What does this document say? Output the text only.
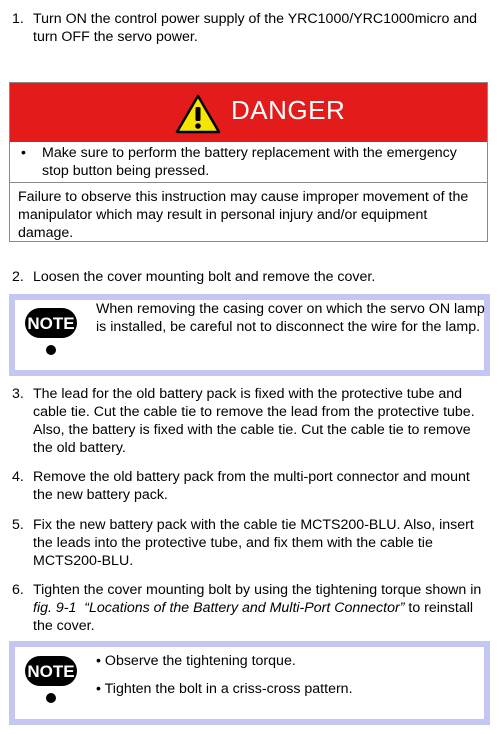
1. Turn ON the control power supply of the YRC1000/YRC1000micro and turn OFF the servo power.
DANGER
• Make sure to perform the battery replacement with the emergency stop button being pressed.
Failure to observe this instruction may cause improper movement of the manipulator which may result in personal injury and/or equipment damage.
2. Loosen the cover mounting bolt and remove the cover.
NOTE
When removing the casing cover on which the servo ON lamp is installed, be careful not to disconnect the wire for the lamp.
3. The lead for the old battery pack is fixed with the protective tube and cable tie. Cut the cable tie to remove the lead from the protective tube. Also, the battery is fixed with the cable tie. Cut the cable tie to remove the old battery.
4. Remove the old battery pack from the multi-port connector and mount the new battery pack.
5. Fix the new battery pack with the cable tie MCTS200-BLU. Also, insert the leads into the protective tube, and fix them with the cable tie MCTS200-BLU.
6. Tighten the cover mounting bolt by using the tightening torque shown in fig. 9-1 “Locations of the Battery and Multi-Port Connector” to reinstall the cover.
NOTE
• Observe the tightening torque.
• Tighten the bolt in a criss-cross pattern.
